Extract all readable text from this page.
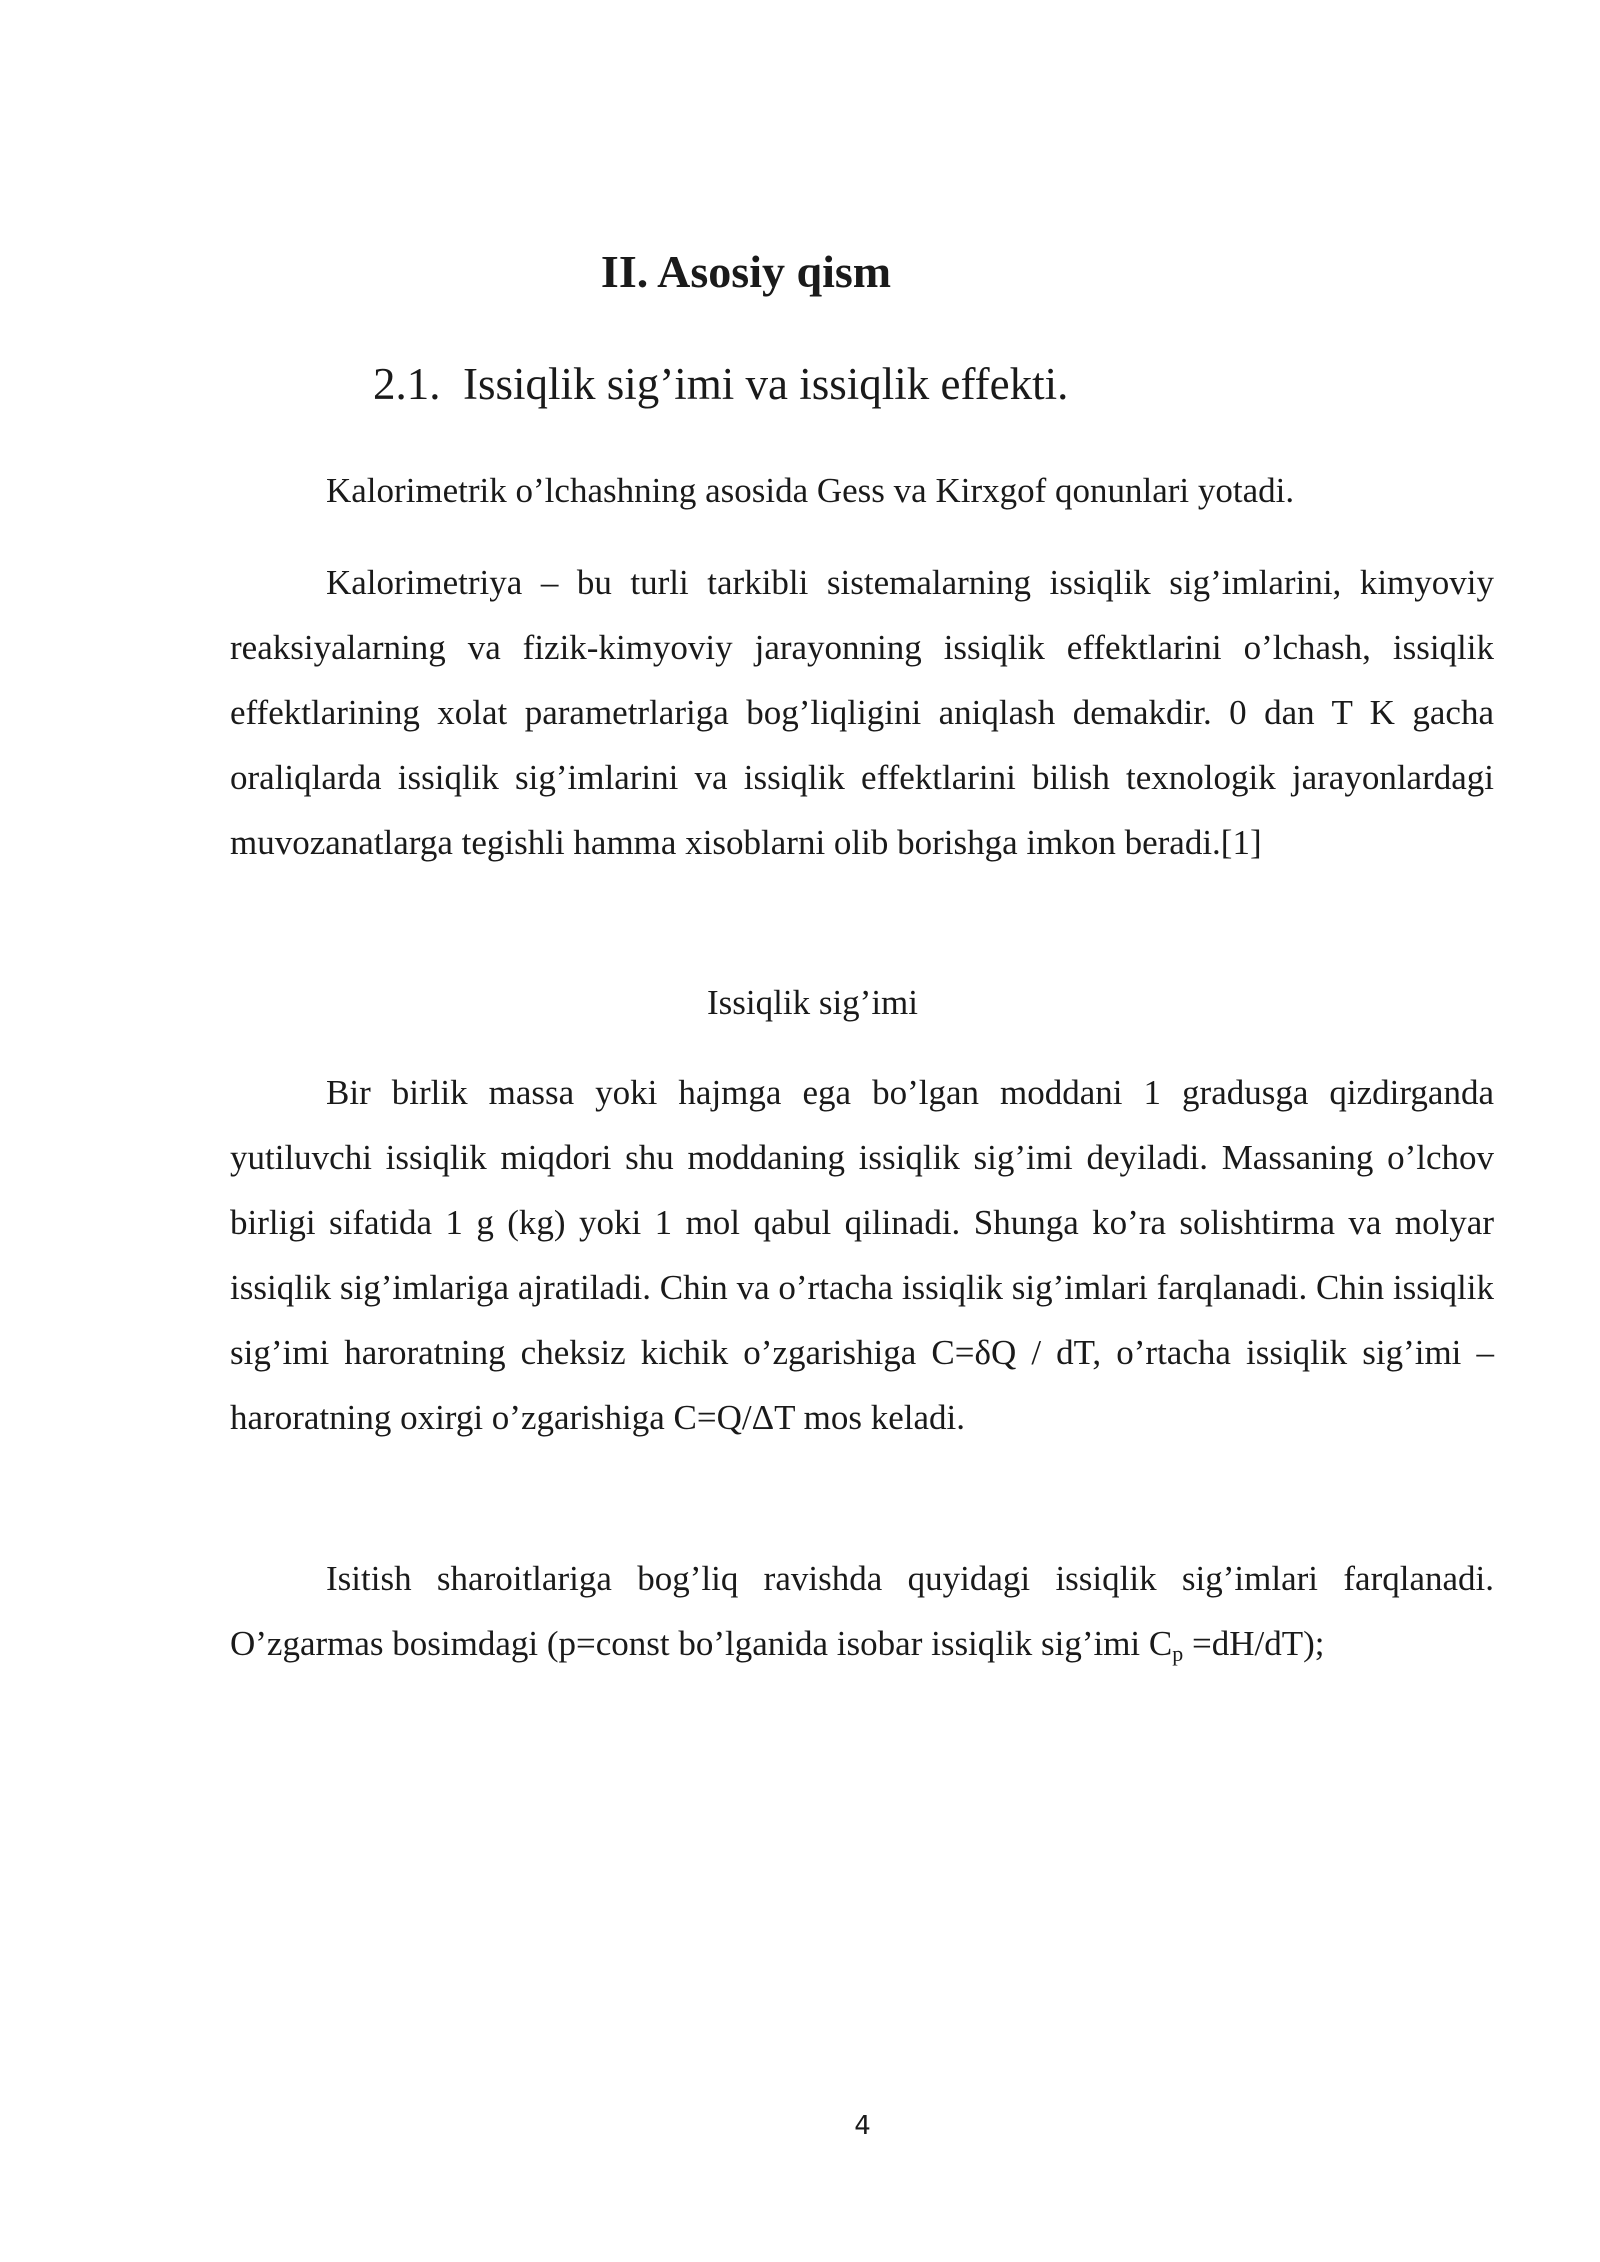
II. Asosiy qism
2.1.  Issiqlik sig’imi va issiqlik effekti.

Kalorimetrik o’lchashning asosida Gess va Kirxgof qonunlari yotadi.

Kalorimetriya – bu turli tarkibli sistemalarning issiqlik sig’imlarini, kimyoviy reaksiyalarning va fizik-kimyoviy jarayonning issiqlik effektlarini o’lchash, issiqlik effektlarining xolat parametrlariga bog’liqligini aniqlash demakdir. 0 dan T K gacha oraliqlarda issiqlik sig’imlarini va issiqlik effektlarini bilish texnologik jarayonlardagi muvozanatlarga tegishli hamma xisoblarni olib borishga imkon beradi.[1]

Issiqlik sig’imi

Bir birlik massa yoki hajmga ega bo’lgan moddani 1 gradusga qizdirganda yutiluvchi issiqlik miqdori shu moddaning issiqlik sig’imi deyiladi. Massaning o’lchov birligi sifatida 1 g (kg) yoki 1 mol qabul qilinadi. Shunga ko’ra solishtirma va molyar issiqlik sig’imlariga ajratiladi. Chin va o’rtacha issiqlik sig’imlari farqlanadi. Chin issiqlik sig’imi haroratning cheksiz kichik o’zgarishiga C=δQ / dT, o’rtacha issiqlik sig’imi –haroratning oxirgi o’zgarishiga C=Q/ΔT mos keladi.

Isitish sharoitlariga bog’liq ravishda quyidagi issiqlik sig’imlari farqlanadi. O’zgarmas bosimdagi (p=const bo’lganida isobar issiqlik sig’imi $C_p =dH/dT$);

4
